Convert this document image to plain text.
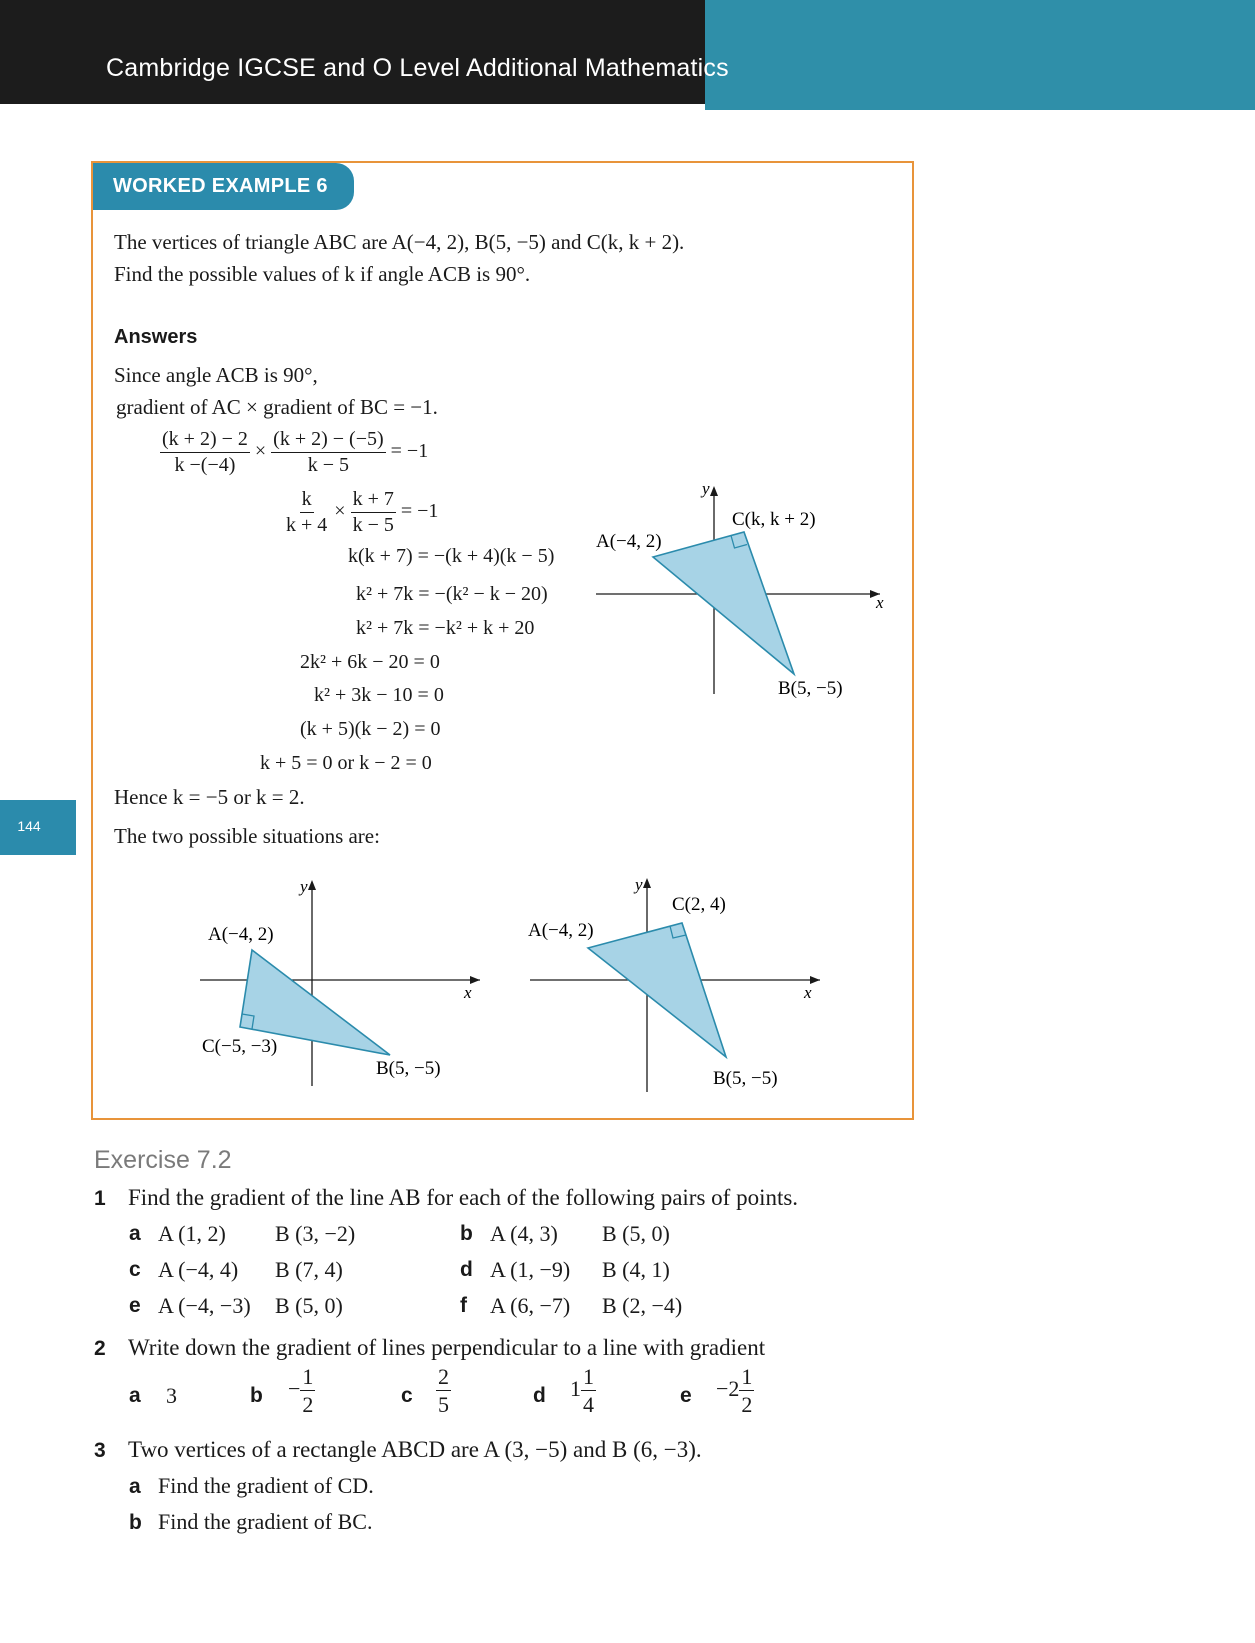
Cambridge IGCSE and O Level Additional Mathematics
144
WORKED EXAMPLE 6
The vertices of triangle ABC are A(−4, 2), B(5, −5) and C(k, k + 2).
Find the possible values of k if angle ACB is 90°.
Answers
Since angle ACB is 90°,
gradient of AC × gradient of BC = −1.
$\frac{(k + 2) - 2}{k -(-4)} \times \frac{(k + 2) - (-5)}{k - 5} = -1$
$\frac{k}{k + 4} \times \frac{k + 7}{k - 5} = -1$
k(k + 7) = −(k + 4)(k − 5)
k² + 7k = −(k² − k − 20)
k² + 7k = −k² + k + 20
2k² + 6k − 20 = 0
k² + 3k − 10 = 0
(k + 5)(k − 2) = 0
k + 5 = 0 or k − 2 = 0
Hence k = −5 or k = 2.
The two possible situations are:
y
x
A(−4, 2)
C(k, k + 2)
B(5, −5)
y
x
A(−4, 2)
C(−5, −3)
B(5, −5)
y
x
A(−4, 2)
C(2, 4)
B(5, −5)
Exercise 7.2
1 Find the gradient of the line AB for each of the following pairs of points.
a A (1, 2) B (3, −2)	b A (4, 3) B (5, 0)
c A (−4, 4) B (7, 4)	d A (1, −9) B (4, 1)
e A (−4, −3) B (5, 0)	f A (6, −7) B (2, −4)
2 Write down the gradient of lines perpendicular to a line with gradient
a 3	$b - \frac{1}{2}$	c $\frac{2}{5}$	d $1 \frac{1}{4}$	$e -2 \frac{1}{2}$
3 Two vertices of a rectangle ABCD are A (3, −5) and B (6, −3).
a Find the gradient of CD.
b Find the gradient of BC.
